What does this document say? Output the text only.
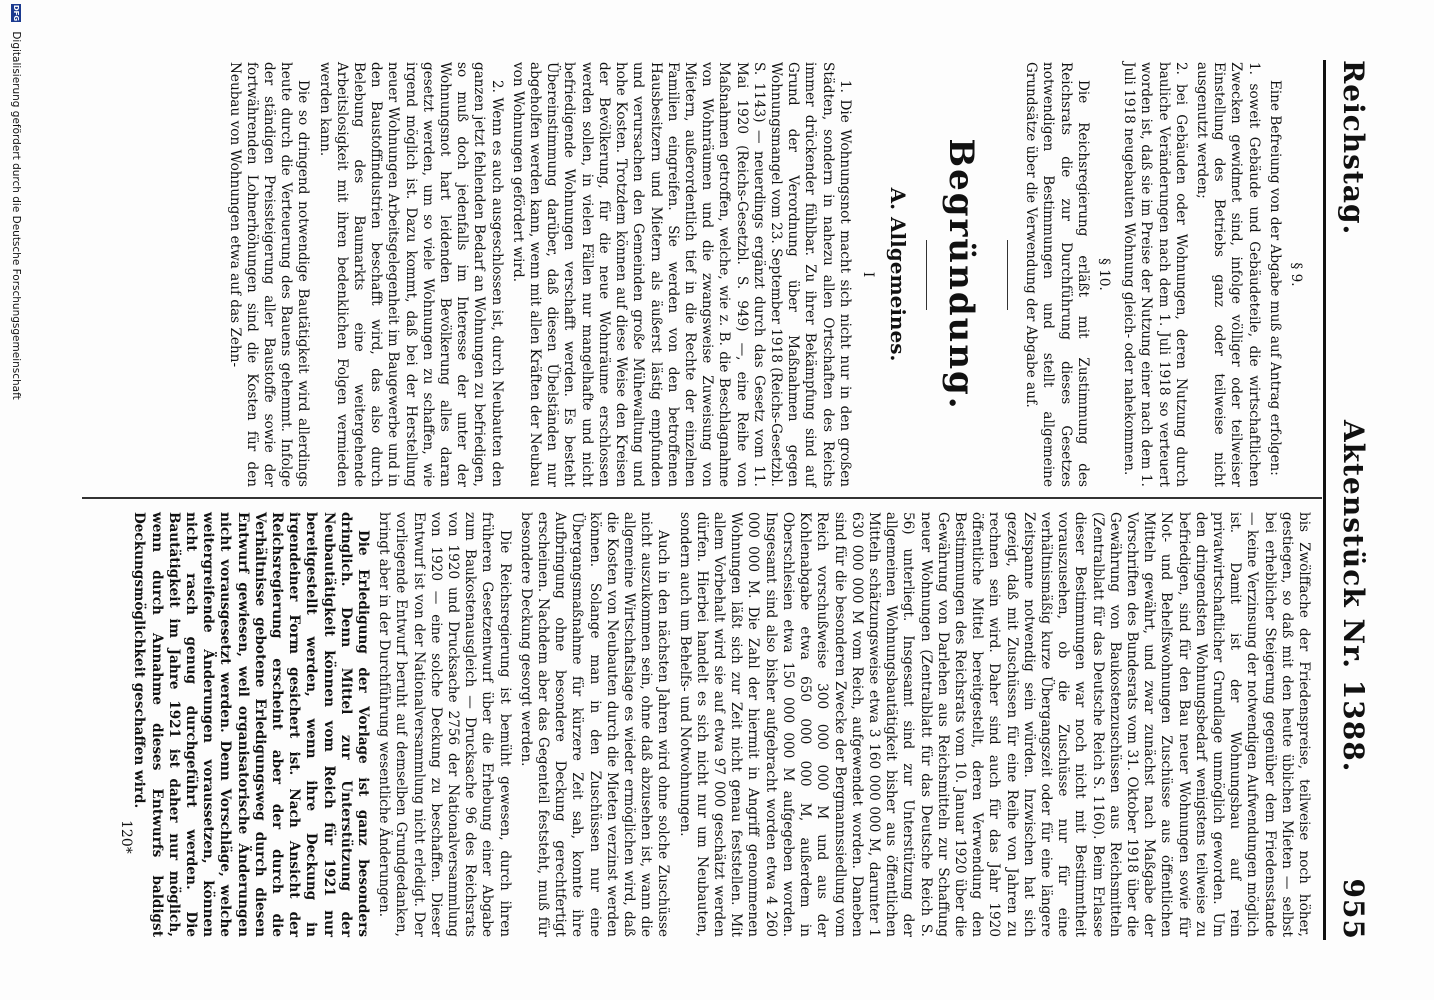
Reichstag.
Aktenstück Nr. 1388.
955

§ 9.

Eine Befreiung von der Abgabe muß auf Antrag erfolgen:

1. soweit Gebäude und Gebäudeteile, die wirtschaftlichen Zwecken gewidmet sind, infolge völliger oder teilweiser Einstellung des Betriebs ganz oder teilweise nicht ausgenutzt werden;

2. bei Gebäuden oder Wohnungen, deren Nutzung durch bauliche Veränderungen nach dem 1. Juli 1918 so verteuert worden ist, daß sie im Preise der Nutzung einer nach dem 1. Juli 1918 neugebauten Wohnung gleich- oder nahekommen.

§ 10.

Die Reichsregierung erläßt mit Zustimmung des Reichsrats die zur Durchführung dieses Gesetzes notwendigen Bestimmungen und stellt allgemeine Grundsätze über die Verwendung der Abgabe auf.

Begründung.

A. Allgemeines.

I

1. Die Wohnungsnot macht sich nicht nur in den großen Städten, sondern in nahezu allen Ortschaften des Reichs immer drückender fühlbar. Zu ihrer Bekämpfung sind auf Grund der Verordnung über Maßnahmen gegen Wohnungsmangel vom 23. September 1918 (Reichs-Gesetzbl. S. 1143) — neuerdings ergänzt durch das Gesetz vom 11. Mai 1920 (Reichs-Gesetzbl. S. 949) —, eine Reihe von Maßnahmen getroffen, welche, wie z. B. die Beschlagnahme von Wohnräumen und die zwangsweise Zuweisung von Mietern, außerordentlich tief in die Rechte der einzelnen Familien eingreifen. Sie werden von den betroffenen Hausbesitzern und Mietern als äußerst lästig empfunden und verursachen den Gemeinden große Mühewaltung und hohe Kosten. Trotzdem können auf diese Weise den Kreisen der Bevölkerung, für die neue Wohnräume erschlossen werden sollen, in vielen Fällen nur mangelhafte und nicht befriedigende Wohnungen verschafft werden. Es besteht Übereinstimmung darüber, daß diesen Übelständen nur abgeholfen werden kann, wenn mit allen Kräften der Neubau von Wohnungen gefördert wird.

2. Wenn es auch ausgeschlossen ist, durch Neubauten den ganzen jetzt fehlenden Bedarf an Wohnungen zu befriedigen, so muß doch jedenfalls im Interesse der unter der Wohnungsnot hart leidenden Bevölkerung alles daran gesetzt werden, um so viele Wohnungen zu schaffen, wie irgend möglich ist. Dazu kommt, daß bei der Herstellung neuer Wohnungen Arbeitsgelegenheit im Baugewerbe und in den Baustoffindustrien beschafft wird, das also durch Belebung des Baumarkts eine weitergehende Arbeitslosigkeit mit ihren bedenklichen Folgen vermieden werden kann.

Die so dringend notwendige Bautätigkeit wird allerdings heute durch die Verteuerung des Bauens gehemmt. Infolge der ständigen Preissteigerung aller Baustoffe sowie der fortwährenden Lohnerhöhungen sind die Kosten für den Neubau von Wohnungen etwa auf das Zehn-

bis Zwölffache der Friedenspreise, teilweise noch höher, gestiegen, so daß mit den heute üblichen Mieten — selbst bei erheblicher Steigerung gegenüber dem Friedensstande — keine Verzinsung der notwendigen Aufwendungen möglich ist. Damit ist der Wohnungsbau auf rein privatwirtschaftlicher Grundlage unmöglich geworden. Um den dringendsten Wohnungsbedarf wenigstens teilweise zu befriedigen, sind für den Bau neuer Wohnungen sowie für Not- und Behelfswohnungen Zuschüsse aus öffentlichen Mitteln gewährt, und zwar zunächst nach Maßgabe der Vorschriften des Bundesrats vom 31. Oktober 1918 über die Gewährung von Baukostenzuschüssen aus Reichsmitteln (Zentralblatt für das Deutsche Reich S. 1160). Beim Erlasse dieser Bestimmungen war noch nicht mit Bestimmtheit vorauszusehen, ob die Zuschüsse nur für eine verhältnismäßig kurze Übergangszeit oder für eine längere Zeitspanne notwendig sein würden. Inzwischen hat sich gezeigt, daß mit Zuschüssen für eine Reihe von Jahren zu rechnen sein wird. Daher sind auch für das Jahr 1920 öffentliche Mittel bereitgestellt, deren Verwendung den Bestimmungen des Reichsrats vom 10. Januar 1920 über die Gewährung von Darlehen aus Reichsmitteln zur Schaffung neuer Wohnungen (Zentralblatt für das Deutsche Reich S. 56) unterliegt. Insgesamt sind zur Unterstützung der allgemeinen Wohnungsbautätigkeit bisher aus öffentlichen Mitteln schätzungsweise etwa 3 160 000 000 M, darunter 1 630 000 000 M vom Reich, aufgewendet worden. Daneben sind für die besonderen Zwecke der Bergmannssiedlung vom Reich vorschußweise 300 000 000 M und aus der Kohlenabgabe etwa 650 000 000 M, außerdem in Oberschlesien etwa 150 000 000 M aufgegeben worden. Insgesamt sind also bisher aufgebracht worden etwa 4 260 000 000 M. Die Zahl der hiermit in Angriff genommenen Wohnungen läßt sich zur Zeit nicht genau feststellen. Mit allem Vorbehalt wird sie auf etwa 97 000 geschätzt werden dürfen. Hierbei handelt es sich nicht nur um Neubauten, sondern auch um Behelfs- und Notwohnungen.

Auch in den nächsten Jahren wird ohne solche Zuschüsse nicht auszukommen sein, ohne daß abzusehen ist, wann die allgemeine Wirtschaftslage es wieder ermöglichen wird, daß die Kosten von Neubauten durch die Mieten verzinst werden können. Solange man in den Zuschüssen nur eine Übergangsmaßnahme für kürzere Zeit sah, konnte ihre Aufbringung ohne besondere Deckung gerechtfertigt erscheinen. Nachdem aber das Gegenteil feststeht, muß für besondere Deckung gesorgt werden.

Die Reichsregierung ist bemüht gewesen, durch ihren früheren Gesetzentwurf über die Erhebung einer Abgabe zum Baukostenausgleich — Drucksache 96 des Reichsrats von 1920 und Drucksache 2756 der Nationalversammlung von 1920 — eine solche Deckung zu beschaffen. Dieser Entwurf ist von der Nationalversammlung nicht erledigt. Der vorliegende Entwurf beruht auf demselben Grundgedanken, bringt aber in der Durchführung wesentliche Änderungen.

Die Erledigung der Vorlage ist ganz besonders dringlich. Denn Mittel zur Unterstützung der Neubautätigkeit können vom Reich für 1921 nur bereitgestellt werden, wenn ihre Deckung in irgendeiner Form gesichert ist. Nach Ansicht der Reichsregierung erscheint aber der durch die Verhältnisse gebotene Erledigungsweg durch diesen Entwurf gewiesen, weil organisatorische Änderungen nicht vorausgesetzt werden. Denn Vorschläge, welche weitergreifende Änderungen voraussetzen, können nicht rasch genug durchgeführt werden. Die Bautätigkeit im Jahre 1921 ist daher nur möglich, wenn durch Annahme dieses Entwurfs baldigst Deckungsmöglichkeit geschaffen wird.

120*
DFG Digitalisierung gefördert durch die Deutsche Forschungsgemeinschaft
